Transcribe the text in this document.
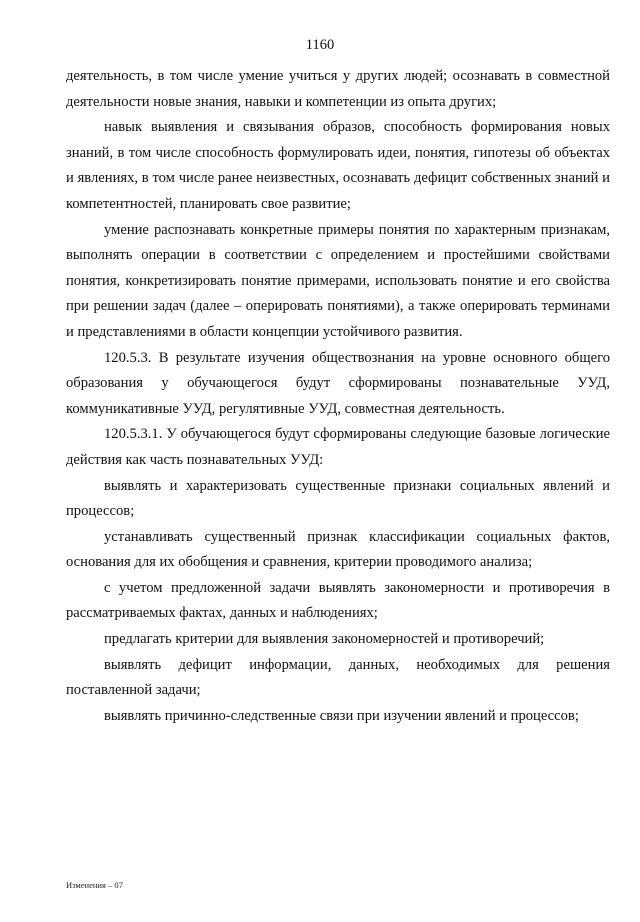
1160

деятельность, в том числе умение учиться у других людей; осознавать в совместной деятельности новые знания, навыки и компетенции из опыта других;

навык выявления и связывания образов, способность формирования новых знаний, в том числе способность формулировать идеи, понятия, гипотезы об объектах и явлениях, в том числе ранее неизвестных, осознавать дефицит собственных знаний и компетентностей, планировать свое развитие;

умение распознавать конкретные примеры понятия по характерным признакам, выполнять операции в соответствии с определением и простейшими свойствами понятия, конкретизировать понятие примерами, использовать понятие и его свойства при решении задач (далее – оперировать понятиями), а также оперировать терминами и представлениями в области концепции устойчивого развития.

120.5.3. В результате изучения обществознания на уровне основного общего образования у обучающегося будут сформированы познавательные УУД, коммуникативные УУД, регулятивные УУД, совместная деятельность.

120.5.3.1. У обучающегося будут сформированы следующие базовые логические действия как часть познавательных УУД:

выявлять и характеризовать существенные признаки социальных явлений и процессов;

устанавливать существенный признак классификации социальных фактов, основания для их обобщения и сравнения, критерии проводимого анализа;

с учетом предложенной задачи выявлять закономерности и противоречия в рассматриваемых фактах, данных и наблюдениях;

предлагать критерии для выявления закономерностей и противоречий;

выявлять дефицит информации, данных, необходимых для решения поставленной задачи;

выявлять причинно-следственные связи при изучении явлений и процессов;

Изменения – 07
